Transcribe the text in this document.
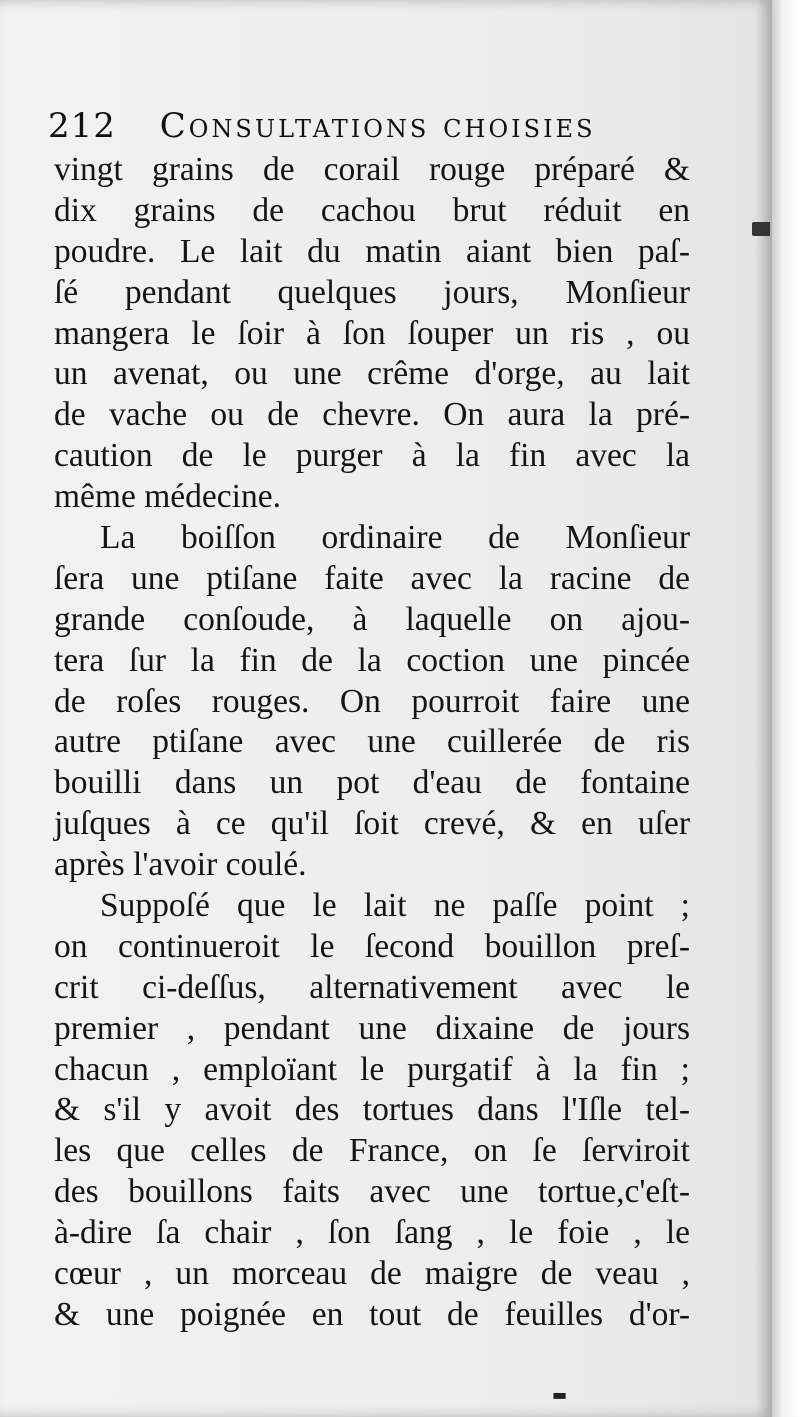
212 Consultations choisies
vingt grains de corail rouge préparé &
dix grains de cachou brut réduit en
poudre. Le lait du matin aiant bien paſ-
ſé pendant quelques jours, Monſieur
mangera le ſoir à ſon ſouper un ris , ou
un avenat, ou une crême d'orge, au lait
de vache ou de chevre. On aura la pré-
caution de le purger à la fin avec la
même médecine.
La boiſſon ordinaire de Monſieur
ſera une ptiſane faite avec la racine de
grande conſoude, à laquelle on ajou-
tera ſur la fin de la coction une pincée
de roſes rouges. On pourroit faire une
autre ptiſane avec une cuillerée de ris
bouilli dans un pot d'eau de fontaine
juſques à ce qu'il ſoit crevé, & en uſer
après l'avoir coulé.
Suppoſé que le lait ne paſſe point ;
on continueroit le ſecond bouillon preſ-
crit ci-deſſus, alternativement avec le
premier , pendant une dixaine de jours
chacun , emploïant le purgatif à la fin ;
& s'il y avoit des tortues dans l'Iſle tel-
les que celles de France, on ſe ſerviroit
des bouillons faits avec une tortue,c'eſt-
à-dire ſa chair , ſon ſang , le foie , le
cœur , un morceau de maigre de veau ,
& une poignée en tout de feuilles d'or-
▬
